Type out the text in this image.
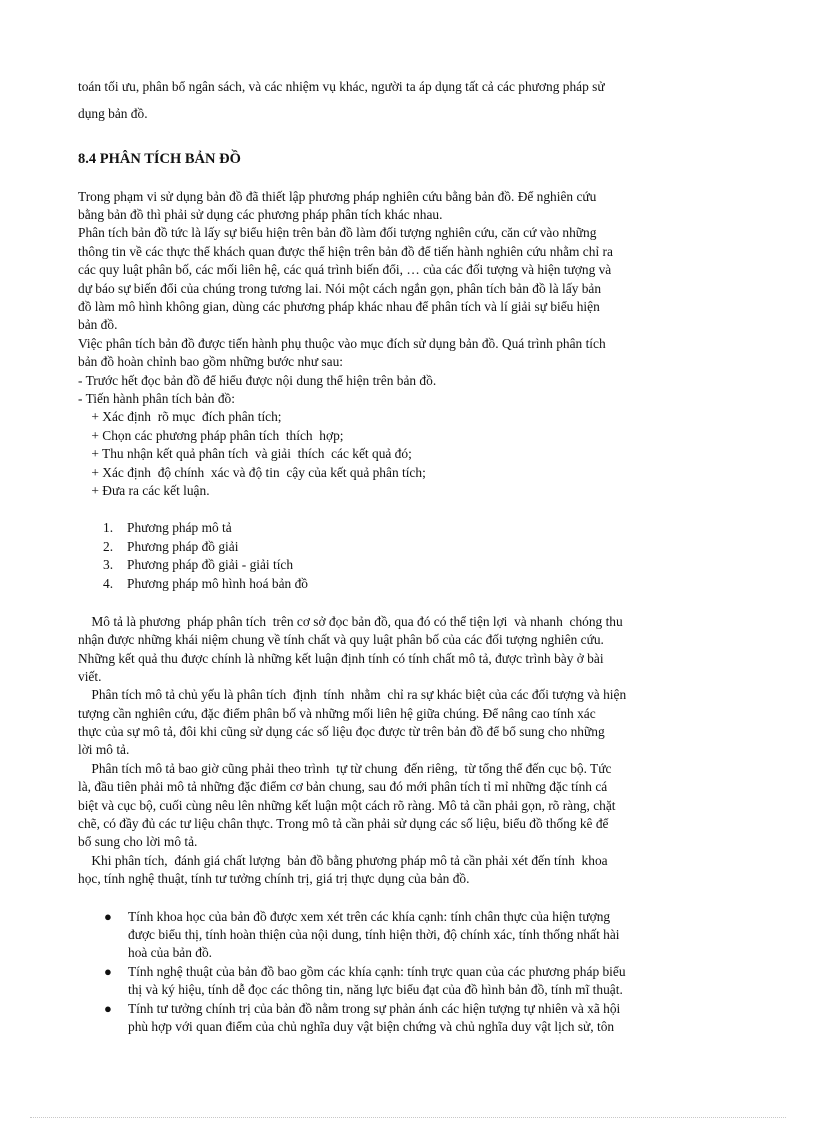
toán tối ưu, phân bổ ngân sách, và các nhiệm vụ khác, người ta áp dụng tất cả các phương pháp sử
dụng bản đồ.
8.4 PHÂN TÍCH BẢN ĐỒ
Trong phạm vi sử dụng bản đồ đã thiết lập phương pháp nghiên cứu bằng bản đồ. Để nghiên cứu
bằng bản đồ thì phải sử dụng các phương pháp phân tích khác nhau.
Phân tích bản đồ tức là lấy sự biểu hiện trên bản đồ làm đối tượng nghiên cứu, căn cứ vào những
thông tin về các thực thể khách quan được thể hiện trên bản đồ để tiến hành nghiên cứu nhằm chỉ ra
các quy luật phân bố, các mối liên hệ, các quá trình biến đổi, … của các đối tượng và hiện tượng và
dự báo sự biến đổi của chúng trong tương lai. Nói một cách ngắn gọn, phân tích bản đồ là lấy bản
đồ làm mô hình không gian, dùng các phương pháp khác nhau để phân tích và lí giải sự biểu hiện
bản đồ.
Việc phân tích bản đồ được tiến hành phụ thuộc vào mục đích sử dụng bản đồ. Quá trình phân tích
bản đồ hoàn chỉnh bao gồm những bước như sau:
- Trước hết đọc bản đồ để hiểu được nội dung thể hiện trên bản đồ.
- Tiến hành phân tích bản đồ:
+ Xác định  rõ mục  đích phân tích;
+ Chọn các phương pháp phân tích  thích  hợp;
+ Thu nhận kết quả phân tích  và giải  thích  các kết quả đó;
+ Xác định  độ chính  xác và độ tin  cậy của kết quả phân tích;
+ Đưa ra các kết luận.
1. Phương pháp mô tả
2. Phương pháp đồ giải
3. Phương pháp đồ giải - giải tích
4. Phương pháp mô hình hoá bản đồ
Mô tả là phương  pháp phân tích  trên cơ sở đọc bản đồ, qua đó có thể tiện lợi  và nhanh  chóng thu
nhận được những khái niệm chung về tính chất và quy luật phân bố của các đối tượng nghiên cứu.
Những kết quả thu được chính là những kết luận định tính có tính chất mô tả, được trình bày ở bài
viết.
Phân tích mô tả chủ yếu là phân tích  định  tính  nhằm  chỉ ra sự khác biệt của các đối tượng và hiện
tượng cần nghiên cứu, đặc điểm phân bố và những mối liên hệ giữa chúng. Để nâng cao tính xác
thực của sự mô tả, đôi khi cũng sử dụng các số liệu đọc được từ trên bản đồ để bổ sung cho những
lời mô tả.
Phân tích mô tả bao giờ cũng phải theo trình  tự từ chung  đến riêng,  từ tổng thể đến cục bộ. Tức
là, đầu tiên phải mô tả những đặc điểm cơ bản chung, sau đó mới phân tích tỉ mỉ những đặc tính cá
biệt và cục bộ, cuối cùng nêu lên những kết luận một cách rõ ràng. Mô tả cần phải gọn, rõ ràng, chặt
chẽ, có đầy đủ các tư liệu chân thực. Trong mô tả cần phải sử dụng các số liệu, biểu đồ thống kê để
bổ sung cho lời mô tả.
Khi phân tích,  đánh giá chất lượng  bản đồ bằng phương pháp mô tả cần phải xét đến tính  khoa
học, tính nghệ thuật, tính tư tưởng chính trị, giá trị thực dụng của bản đồ.
● Tính khoa học của bản đồ được xem xét trên các khía cạnh: tính chân thực của hiện tượng
được biểu thị, tính hoàn thiện của nội dung, tính hiện thời, độ chính xác, tính thống nhất hài
hoà của bản đồ.
● Tính nghệ thuật của bản đồ bao gồm các khía cạnh: tính trực quan của các phương pháp biểu
thị và ký hiệu, tính dễ đọc các thông tin, năng lực biểu đạt của đồ hình bản đồ, tính mĩ thuật.
● Tính tư tưởng chính trị của bản đồ nằm trong sự phản ánh các hiện tượng tự nhiên và xã hội
phù hợp với quan điểm của chủ nghĩa duy vật biện chứng và chủ nghĩa duy vật lịch sử, tôn
